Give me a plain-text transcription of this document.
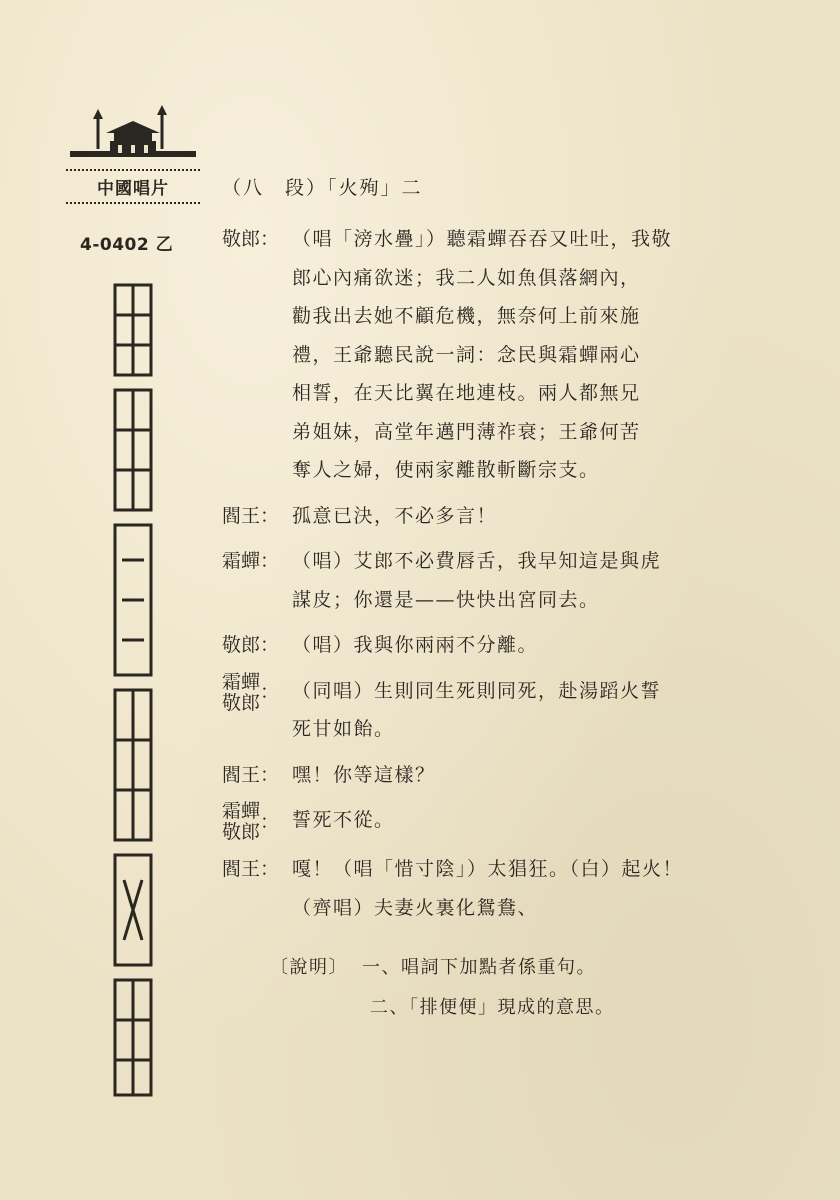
中國唱片
4-0402 乙
（八　段）「火殉」二
敬郎： （唱「滂水疊」）聽霜蟬吞吞又吐吐，我敬
郎心內痛欲迷；我二人如魚俱落網內，
勸我出去她不顧危機，無奈何上前來施
禮，王爺聽民說一詞：念民與霜蟬兩心
相誓，在天比翼在地連枝。兩人都無兄
弟姐妹，高堂年邁門薄祚衰；王爺何苦
奪人之婦，使兩家離散斬斷宗支。
閻王： 孤意已決，不必多言！
霜蟬： （唱）艾郎不必費唇舌，我早知這是與虎
謀皮；你還是——快快出宮同去。
敬郎： （唱）我與你兩兩不分離。
霜蟬
敬郎 ： （同唱）生則同生死則同死，赴湯蹈火誓
死甘如飴。
閻王： 嘿！你等這樣？
霜蟬
敬郎 ： 誓死不從。
閻王： 嘎！（唱「惜寸陰」）太猖狂。（白）起火！
（齊唱）夫妻火裏化鴛鴦、
〔說明〕 一、唱詞下加點者係重句。
二、「排便便」現成的意思。
